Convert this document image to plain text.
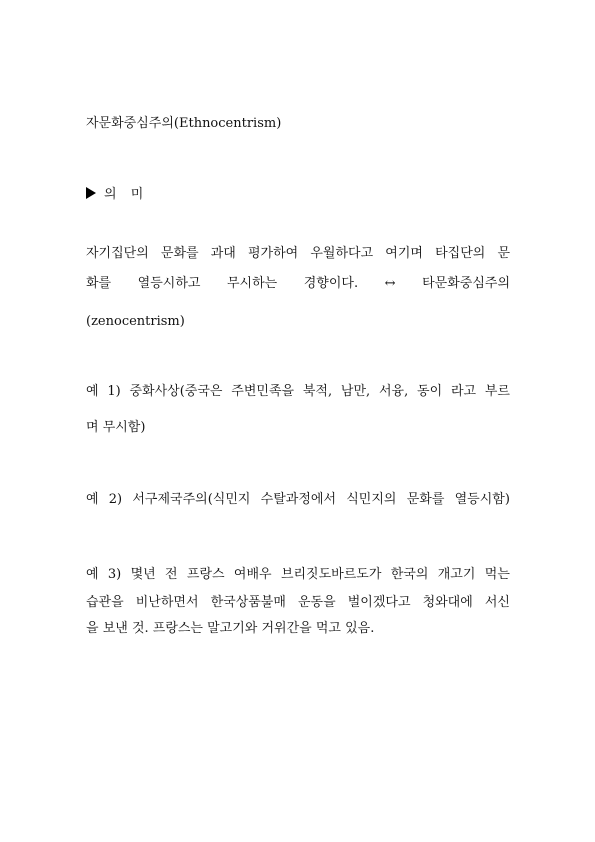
자문화중심주의(Ethnocentrism)
의 미
자기집단의 문화를 과대 평가하여 우월하다고 여기며 타집단의 문
화를 열등시하고 무시하는 경향이다. ↔ 타문화중심주의
(zenocentrism)
예 1) 중화사상(중국은 주변민족을 북적, 남만, 서융, 동이 라고 부르
며 무시함)
예 2) 서구제국주의(식민지 수탈과정에서 식민지의 문화를 열등시함)
예 3) 몇년 전 프랑스 여배우 브리짓도바르도가 한국의 개고기 먹는
습관을 비난하면서 한국상품불매 운동을 벌이겠다고 청와대에 서신
을 보낸 것. 프랑스는 말고기와 거위간을 먹고 있음.
